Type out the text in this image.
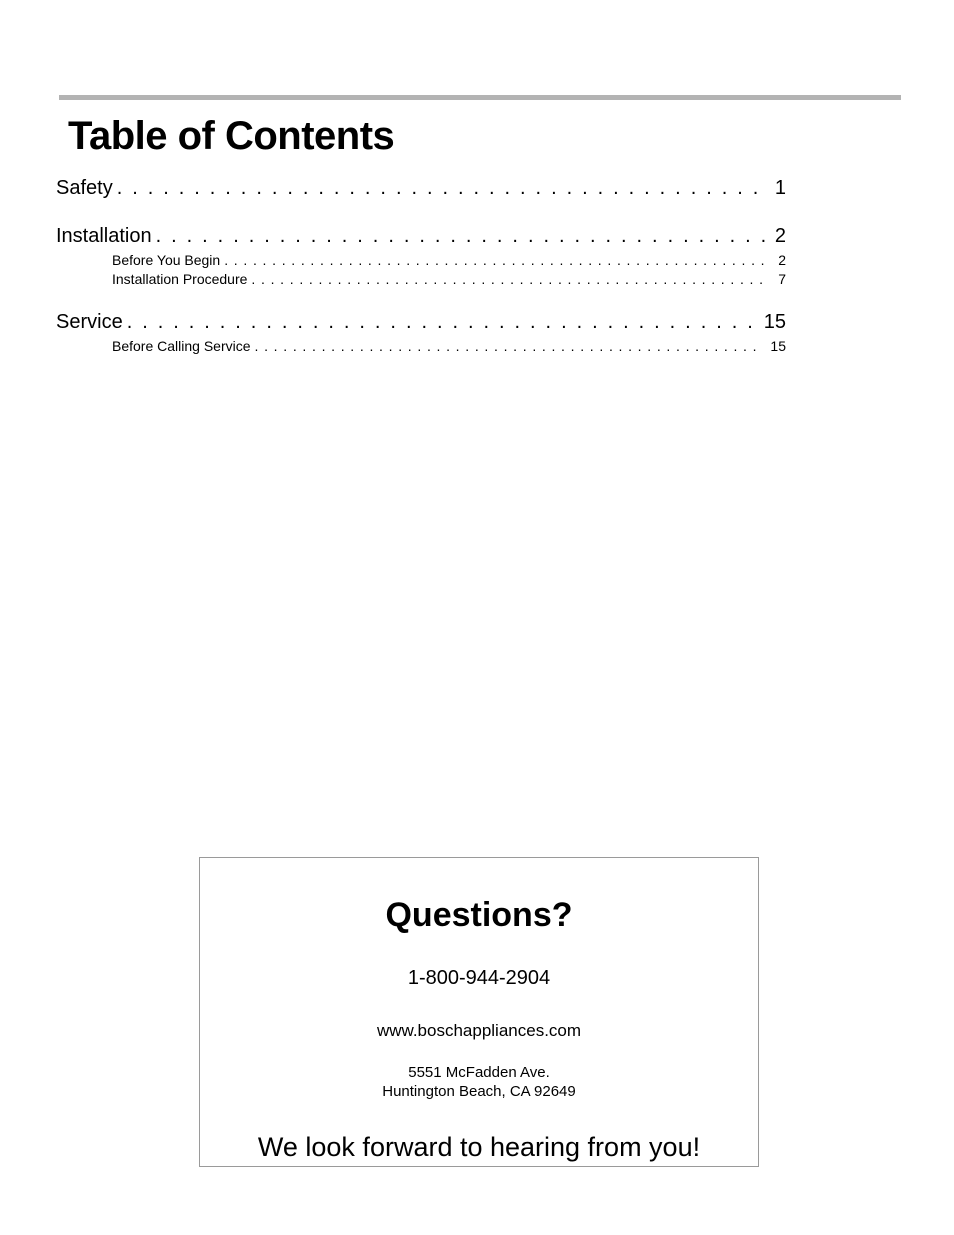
Table of Contents
Safety . . .	1
Installation . . .	2
Before You Begin . . .	2
Installation Procedure . . .	7
Service . . .	15
Before Calling Service . . .	15
Questions?
1-800-944-2904
www.boschappliances.com
5551 McFadden Ave.
Huntington Beach, CA 92649
We look forward to hearing from you!
